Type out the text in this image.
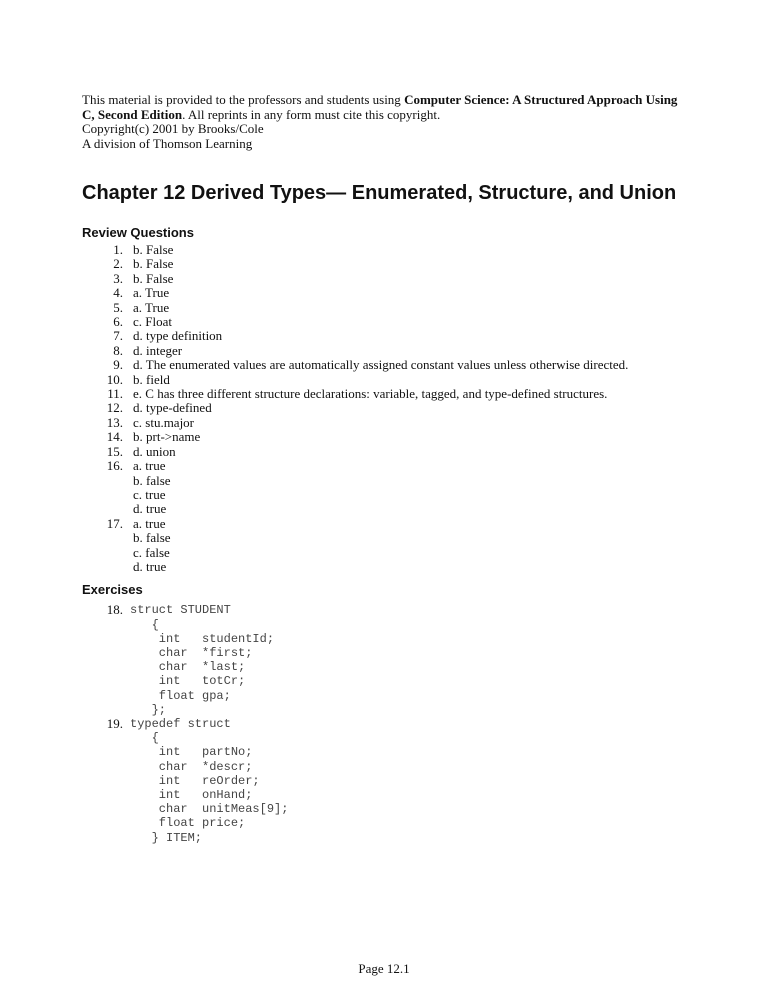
This material is provided to the professors and students using Computer Science: A Structured Approach Using C, Second Edition. All reprints in any form must cite this copyright.
Copyright(c) 2001 by Brooks/Cole
A division of Thomson Learning
Chapter 12 Derived Types— Enumerated, Structure, and Union
Review Questions
1. b. False
2. b. False
3. b. False
4. a. True
5. a. True
6. c. Float
7. d. type definition
8. d. integer
9. d. The enumerated values are automatically assigned constant values unless otherwise directed.
10. b. field
11. e. C has three different structure declarations: variable, tagged, and type-defined structures.
12. d. type-defined
13. c. stu.major
14. b. prt->name
15. d. union
16. a. true
b. false
c. true
d. true
17. a. true
b. false
c. false
d. true
Exercises
18. struct STUDENT
{
int   studentId;
char  *first;
char  *last;
int   totCr;
float gpa;
};
19. typedef struct
{
int   partNo;
char  *descr;
int   reOrder;
int   onHand;
char  unitMeas[9];
float price;
} ITEM;
Page 12.1
